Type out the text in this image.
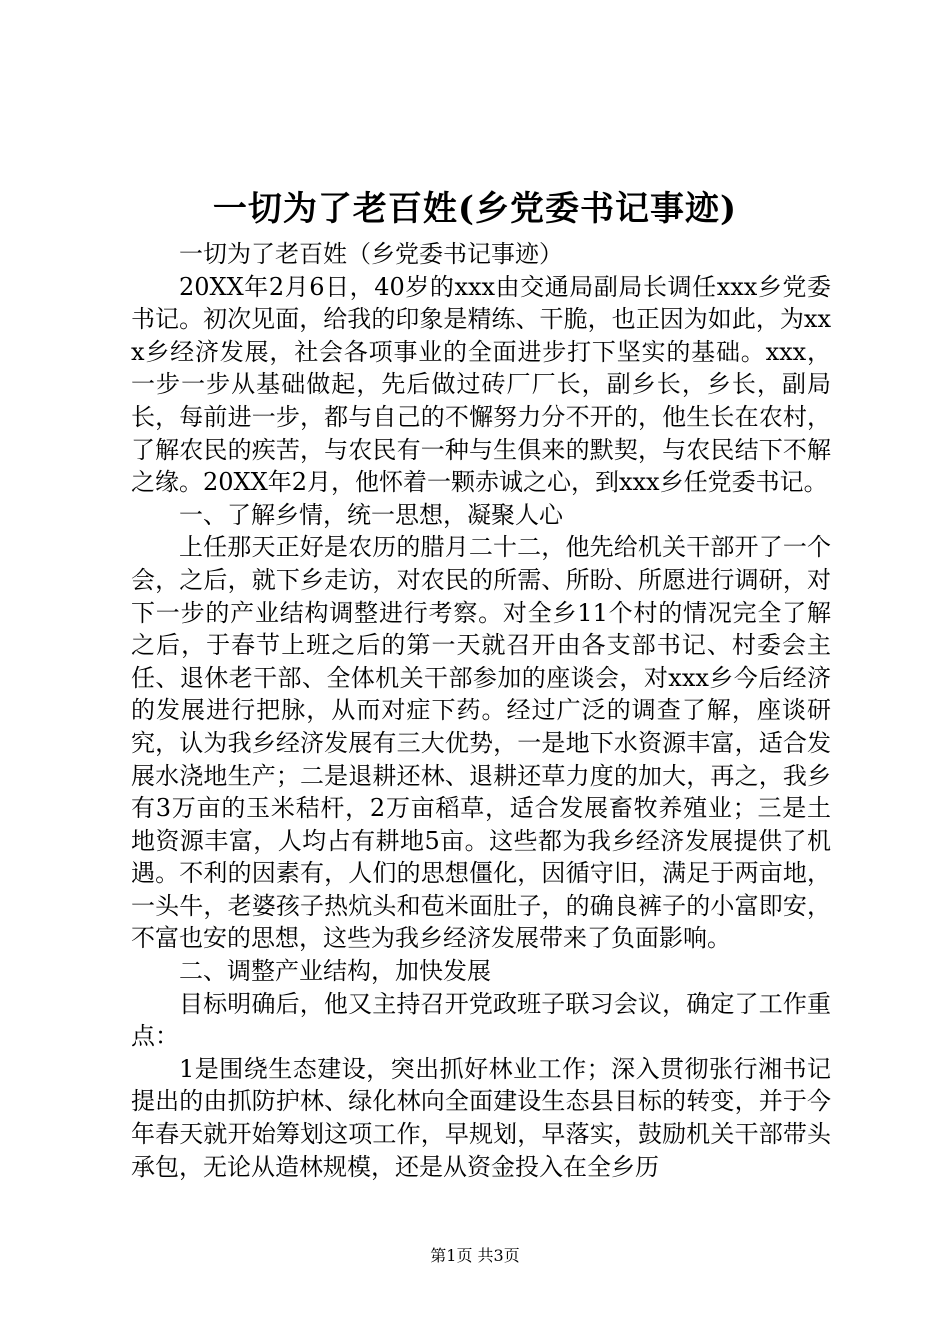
一切为了老百姓(乡党委书记事迹)

一切为了老百姓（乡党委书记事迹）

20XX年2月6日，40岁的xxx由交通局副局长调任xxx乡党委书记。初次见面，给我的印象是精练、干脆，也正因为如此，为xxx乡经济发展，社会各项事业的全面进步打下坚实的基础。xxx，一步一步从基础做起，先后做过砖厂厂长，副乡长，乡长，副局长，每前进一步，都与自己的不懈努力分不开的，他生长在农村，了解农民的疾苦，与农民有一种与生俱来的默契，与农民结下不解之缘。20XX年2月，他怀着一颗赤诚之心，到xxx乡任党委书记。

一、了解乡情，统一思想，凝聚人心

上任那天正好是农历的腊月二十二，他先给机关干部开了一个会，之后，就下乡走访，对农民的所需、所盼、所愿进行调研，对下一步的产业结构调整进行考察。对全乡11个村的情况完全了解之后，于春节上班之后的第一天就召开由各支部书记、村委会主任、退休老干部、全体机关干部参加的座谈会，对xxx乡今后经济的发展进行把脉，从而对症下药。经过广泛的调查了解，座谈研究，认为我乡经济发展有三大优势，一是地下水资源丰富，适合发展水浇地生产；二是退耕还林、退耕还草力度的加大，再之，我乡有3万亩的玉米秸杆，2万亩稻草，适合发展畜牧养殖业；三是土地资源丰富，人均占有耕地5亩。这些都为我乡经济发展提供了机遇。不利的因素有，人们的思想僵化，因循守旧，满足于两亩地，一头牛，老婆孩子热炕头和苞米面肚子，的确良裤子的小富即安，不富也安的思想，这些为我乡经济发展带来了负面影响。

二、调整产业结构，加快发展

目标明确后，他又主持召开党政班子联习会议，确定了工作重点：

1是围绕生态建设，突出抓好林业工作；深入贯彻张行湘书记提出的由抓防护林、绿化林向全面建设生态县目标的转变，并于今年春天就开始筹划这项工作，早规划，早落实，鼓励机关干部带头承包，无论从造林规模，还是从资金投入在全乡历

第1页 共3页
